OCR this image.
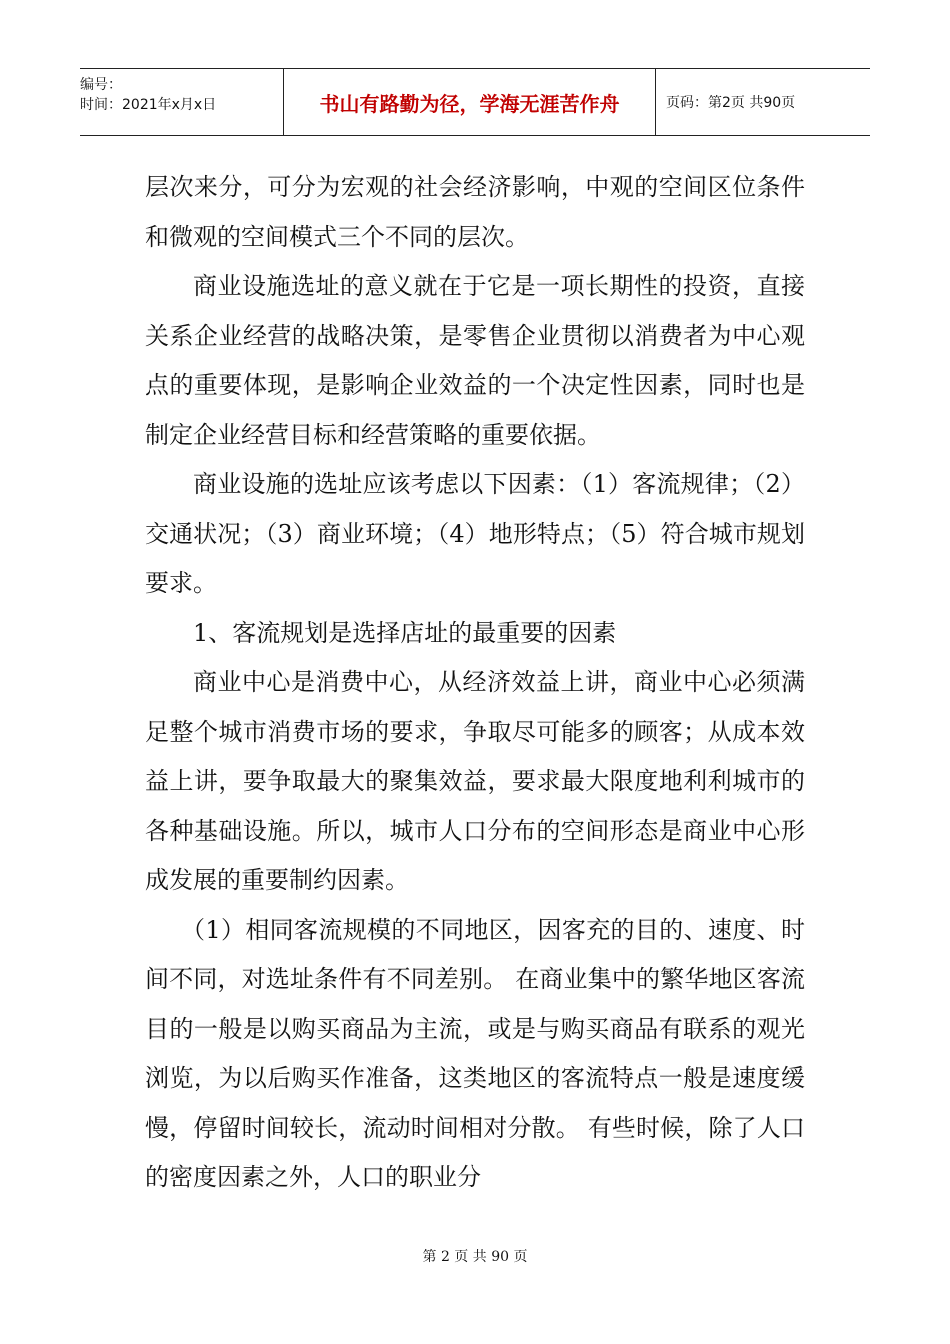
编号：
时间：2021年x月x日	书山有路勤为径，学海无涯苦作舟	页码：第2页 共90页

层次来分，可分为宏观的社会经济影响，中观的空间区位条件和微观的空间模式三个不同的层次。

商业设施选址的意义就在于它是一项长期性的投资，直接关系企业经营的战略决策，是零售企业贯彻以消费者为中心观点的重要体现，是影响企业效益的一个决定性因素，同时也是制定企业经营目标和经营策略的重要依据。

商业设施的选址应该考虑以下因素：（1）客流规律；（2）交通状况；（3）商业环境；（4）地形特点；（5）符合城市规划要求。

1、客流规划是选择店址的最重要的因素

商业中心是消费中心，从经济效益上讲，商业中心必须满足整个城市消费市场的要求，争取尽可能多的顾客；从成本效益上讲，要争取最大的聚集效益，要求最大限度地利利城市的各种基础设施。所以，城市人口分布的空间形态是商业中心形成发展的重要制约因素。

（1）相同客流规模的不同地区，因客充的目的、速度、时间不同，对选址条件有不同差别。 在商业集中的繁华地区客流目的一般是以购买商品为主流，或是与购买商品有联系的观光浏览，为以后购买作准备，这类地区的客流特点一般是速度缓慢，停留时间较长，流动时间相对分散。 有些时候，除了人口的密度因素之外，人口的职业分

第 2 页 共 90 页
